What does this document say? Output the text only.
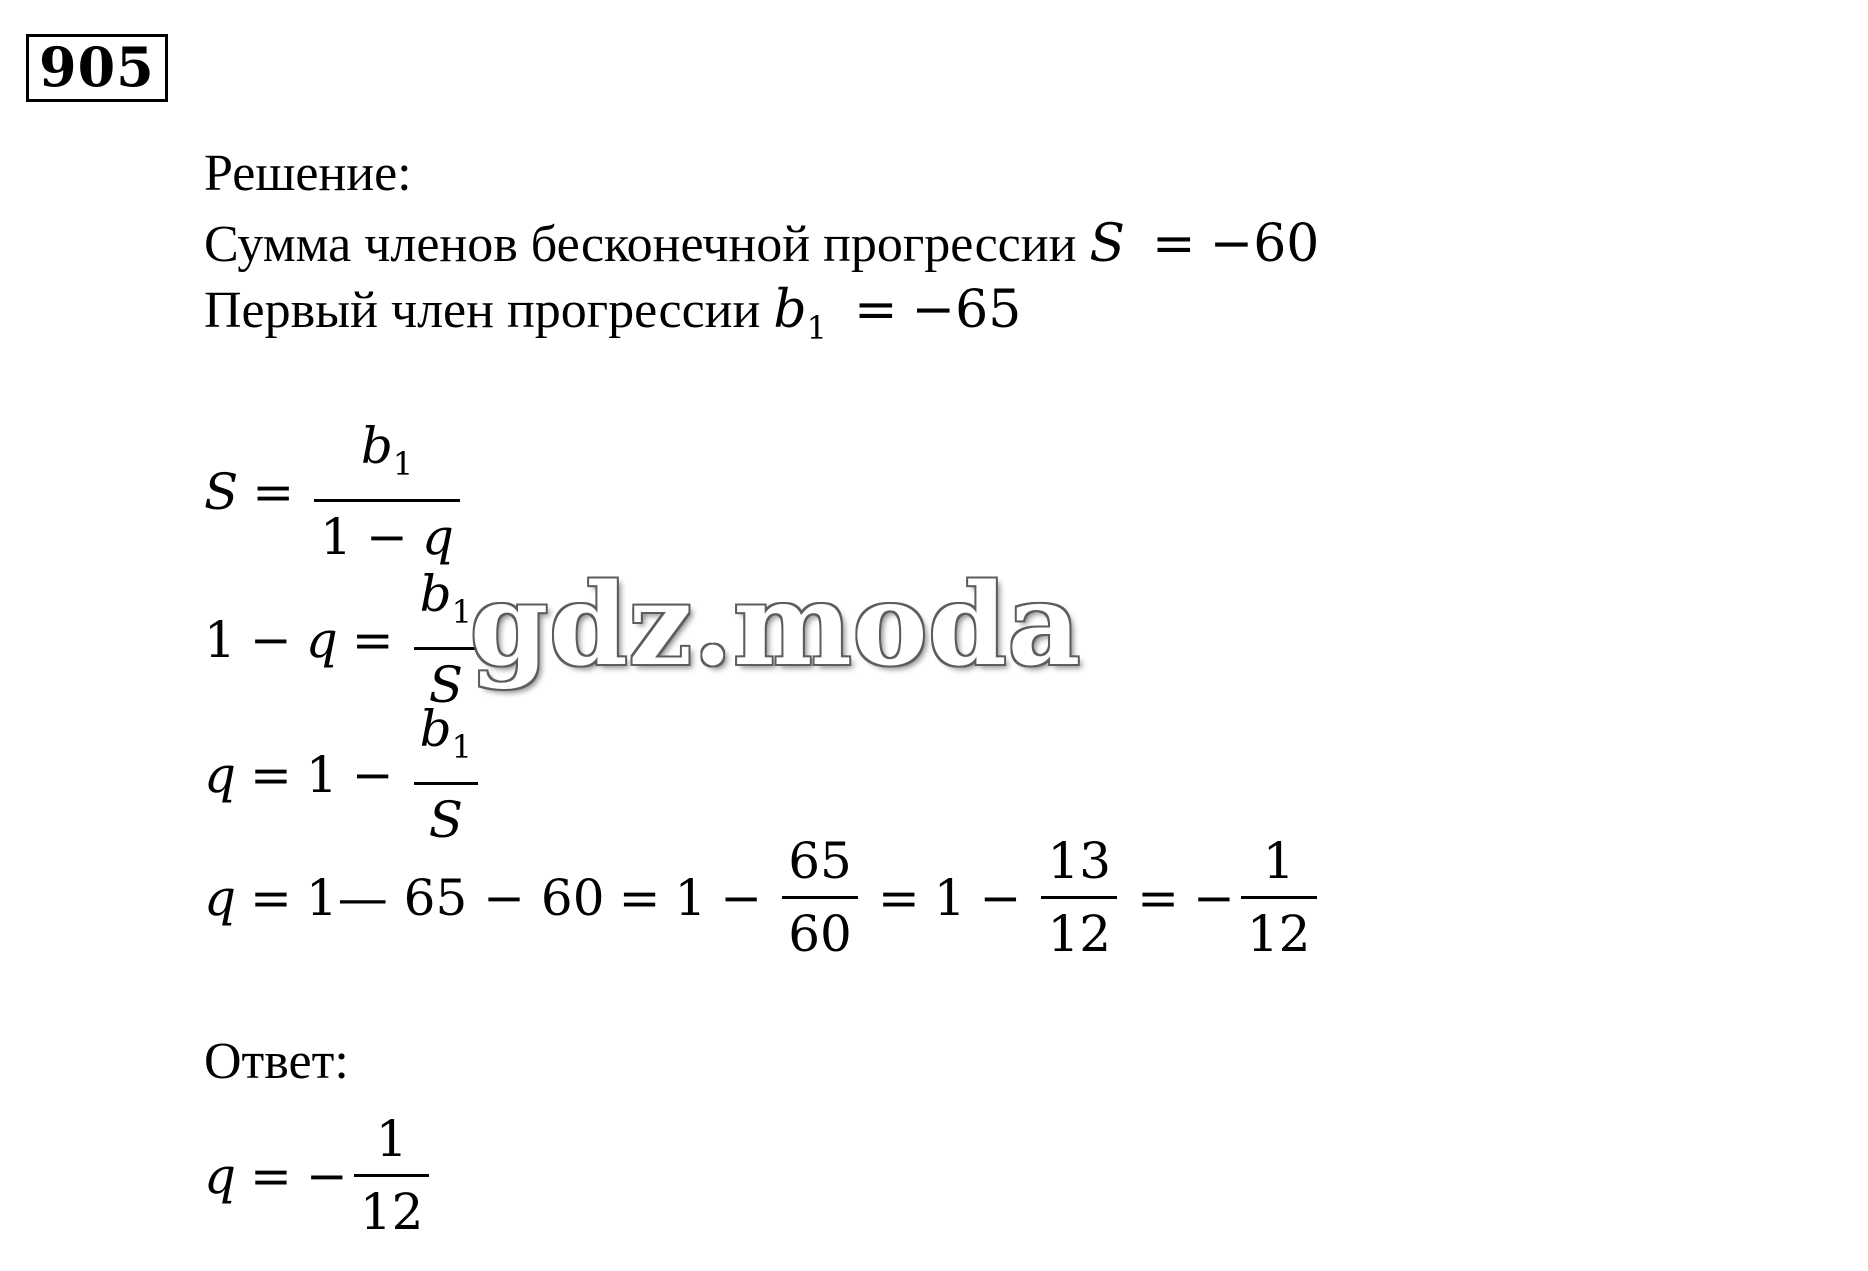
905
Решение:
Сумма членов бесконечной прогрессии S = −60
Первый член прогрессии $b_1 = -65$
$S = \frac{b_1}{1 - q}$
$1 - q = \frac{b_1}{S}$
$q = 1 - \frac{b_1}{S}$
q = 1— $65 - 60 = 1 - \frac{65}{60} = 1 - \frac{13}{12}$ = − $\frac{1}{12}$
Ответ:
q = − $\frac{1}{12}$
gdz.moda
